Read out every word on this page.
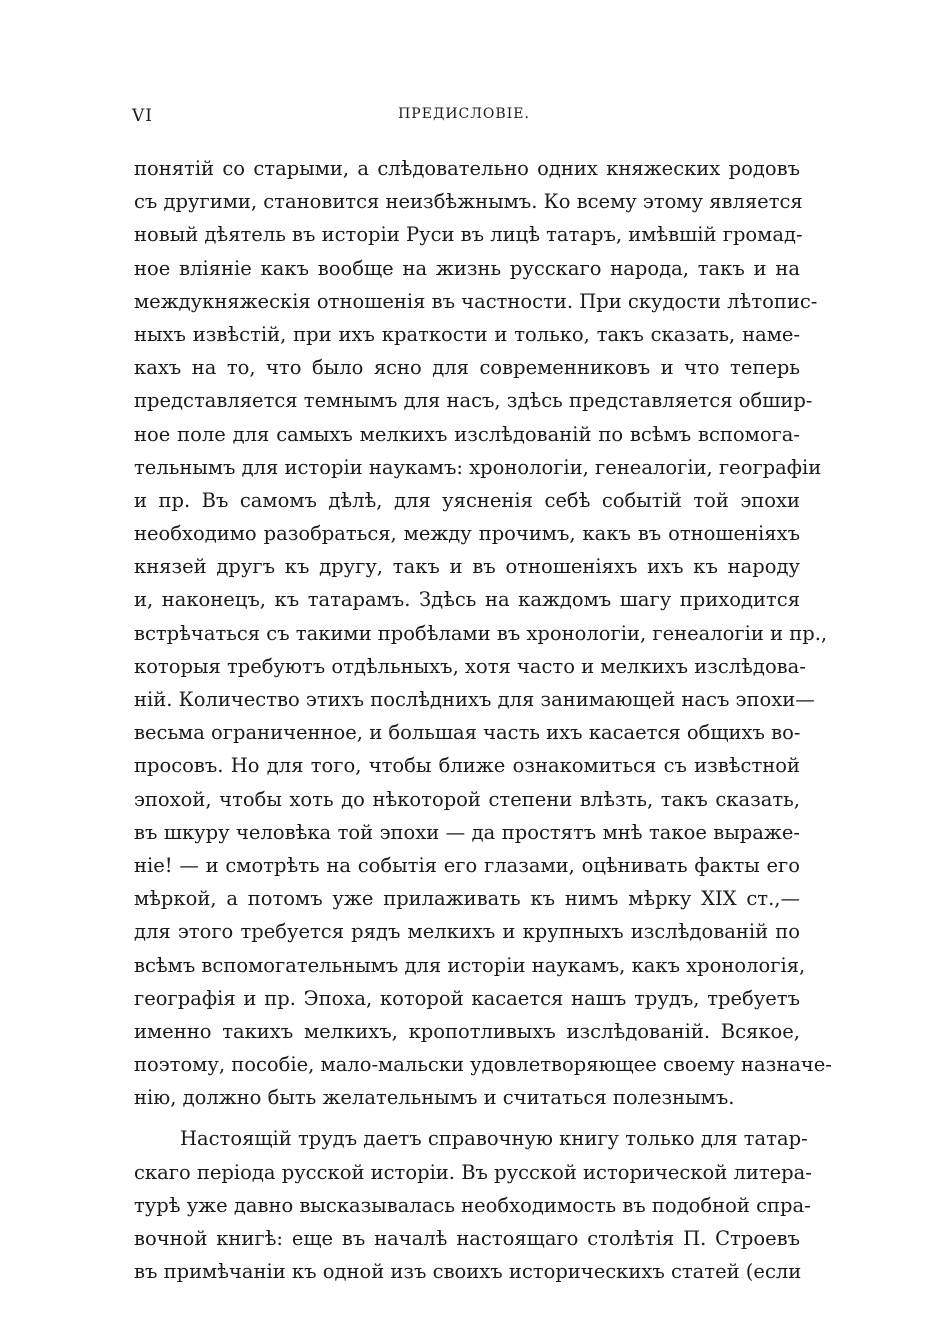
VI	ПРЕДИСЛОВІЕ.
понятій со старыми, а слѣдовательно одних княжеских родовъ
съ другими, становится неизбѣжнымъ. Ко всему этому является
новый дѣятель въ исторіи Руси въ лицѣ татаръ, имѣвшій громад-
ное вліяніе какъ вообще на жизнь русскаго народа, такъ и на
междукняжескія отношенія въ частности. При скудости лѣтопис-
ныхъ извѣстій, при ихъ краткости и только, такъ сказать, наме-
кахъ на то, что было ясно для современниковъ и что теперь
представляется темнымъ для насъ, здѣсь представляется обшир-
ное поле для самыхъ мелкихъ изслѣдованій по всѣмъ вспомога-
тельнымъ для исторіи наукамъ: хронологіи, генеалогіи, географіи
и пр. Въ самомъ дѣлѣ, для уясненія себѣ событій той эпохи
необходимо разобраться, между прочимъ, какъ въ отношеніяхъ
князей другъ къ другу, такъ и въ отношеніяхъ ихъ къ народу
и, наконецъ, къ татарамъ. Здѣсь на каждомъ шагу приходится
встрѣчаться съ такими пробѣлами въ хронологіи, генеалогіи и пр.,
которыя требуютъ отдѣльныхъ, хотя часто и мелкихъ изслѣдова-
ній. Количество этихъ послѣднихъ для занимающей насъ эпохи—
весьма ограниченное, и большая часть ихъ касается общихъ во-
просовъ. Но для того, чтобы ближе ознакомиться съ извѣстной
эпохой, чтобы хоть до нѣкоторой степени влѣзть, такъ сказать,
въ шкуру человѣка той эпохи — да простятъ мнѣ такое выраже-
ніе! — и смотрѣть на событія его глазами, оцѣнивать факты его
мѣркой, а потомъ уже прилаживать къ нимъ мѣрку XIX ст.,—
для этого требуется рядъ мелкихъ и крупныхъ изслѣдованій по
всѣмъ вспомогательнымъ для исторіи наукамъ, какъ хронологія,
географія и пр. Эпоха, которой касается нашъ трудъ, требуетъ
именно такихъ мелкихъ, кропотливыхъ изслѣдованій. Всякое,
поэтому, пособіе, мало-мальски удовлетворяющее своему назначе-
нію, должно быть желательнымъ и считаться полезнымъ.
Настоящій трудъ даетъ справочную книгу только для татар-
скаго періода русской исторіи. Въ русской исторической литера-
турѣ уже давно высказывалась необходимость въ подобной спра-
вочной книгѣ: еще въ началѣ настоящаго столѣтія П. Строевъ
въ примѣчаніи къ одной изъ своихъ историческихъ статей (если
